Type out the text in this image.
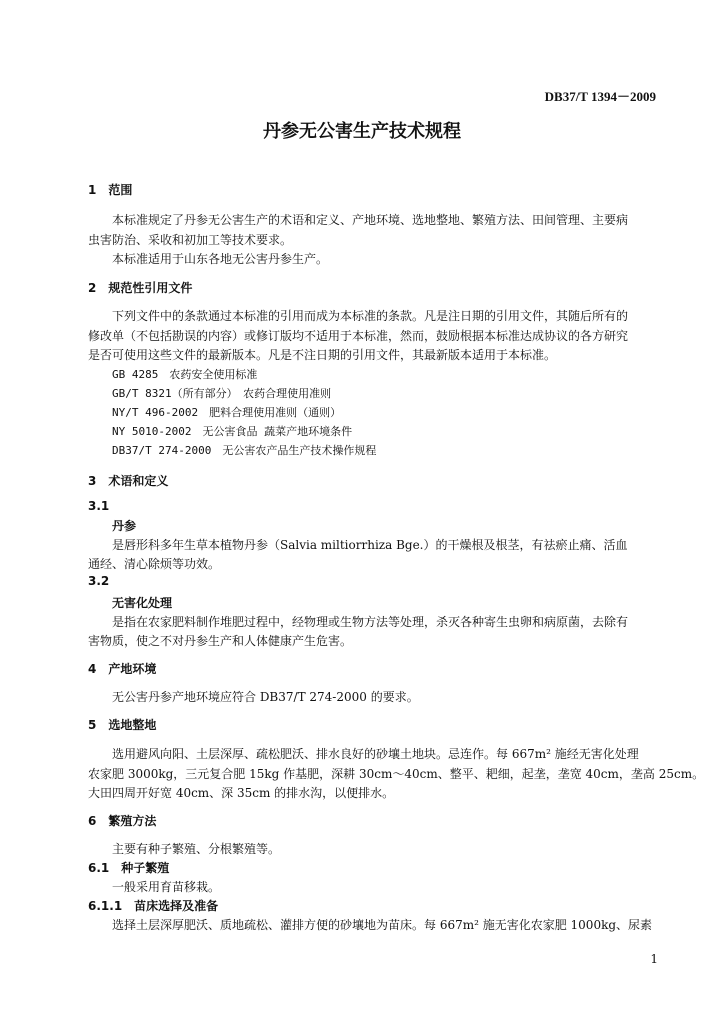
DB37/T 1394－2009
丹参无公害生产技术规程
1　范围
本标准规定了丹参无公害生产的术语和定义、产地环境、选地整地、繁殖方法、田间管理、主要病
虫害防治、采收和初加工等技术要求。
本标准适用于山东各地无公害丹参生产。
2　规范性引用文件
下列文件中的条款通过本标准的引用而成为本标准的条款。凡是注日期的引用文件，其随后所有的
修改单（不包括勘误的内容）或修订版均不适用于本标准，然而，鼓励根据本标准达成协议的各方研究
是否可使用这些文件的最新版本。凡是不注日期的引用文件，其最新版本适用于本标准。
GB 4285　农药安全使用标准
GB/T 8321（所有部分）　农药合理使用准则
NY/T 496-2002　肥料合理使用准则（通则）
NY 5010-2002　无公害食品 蔬菜产地环境条件
DB37/T 274-2000　无公害农产品生产技术操作规程
3　术语和定义
3.1
丹参
是唇形科多年生草本植物丹参（Salvia miltiorrhiza Bge.）的干燥根及根茎，有祛瘀止痛、活血
通经、清心除烦等功效。
3.2
无害化处理
是指在农家肥料制作堆肥过程中，经物理或生物方法等处理，杀灭各种寄生虫卵和病原菌，去除有
害物质，使之不对丹参生产和人体健康产生危害。
4　产地环境
无公害丹参产地环境应符合 DB37/T 274-2000 的要求。
5　选地整地
选用避风向阳、土层深厚、疏松肥沃、排水良好的砂壤土地块。忌连作。每 667m² 施经无害化处理
农家肥 3000kg，三元复合肥 15kg 作基肥，深耕 30cm～40cm、整平、耙细，起垄，垄宽 40cm，垄高 25cm。
大田四周开好宽 40cm、深 35cm 的排水沟，以便排水。
6　繁殖方法
主要有种子繁殖、分根繁殖等。
6.1　种子繁殖
一般采用育苗移栽。
6.1.1　苗床选择及准备
选择土层深厚肥沃、质地疏松、灌排方便的砂壤地为苗床。每 667m² 施无害化农家肥 1000kg、尿素
1
